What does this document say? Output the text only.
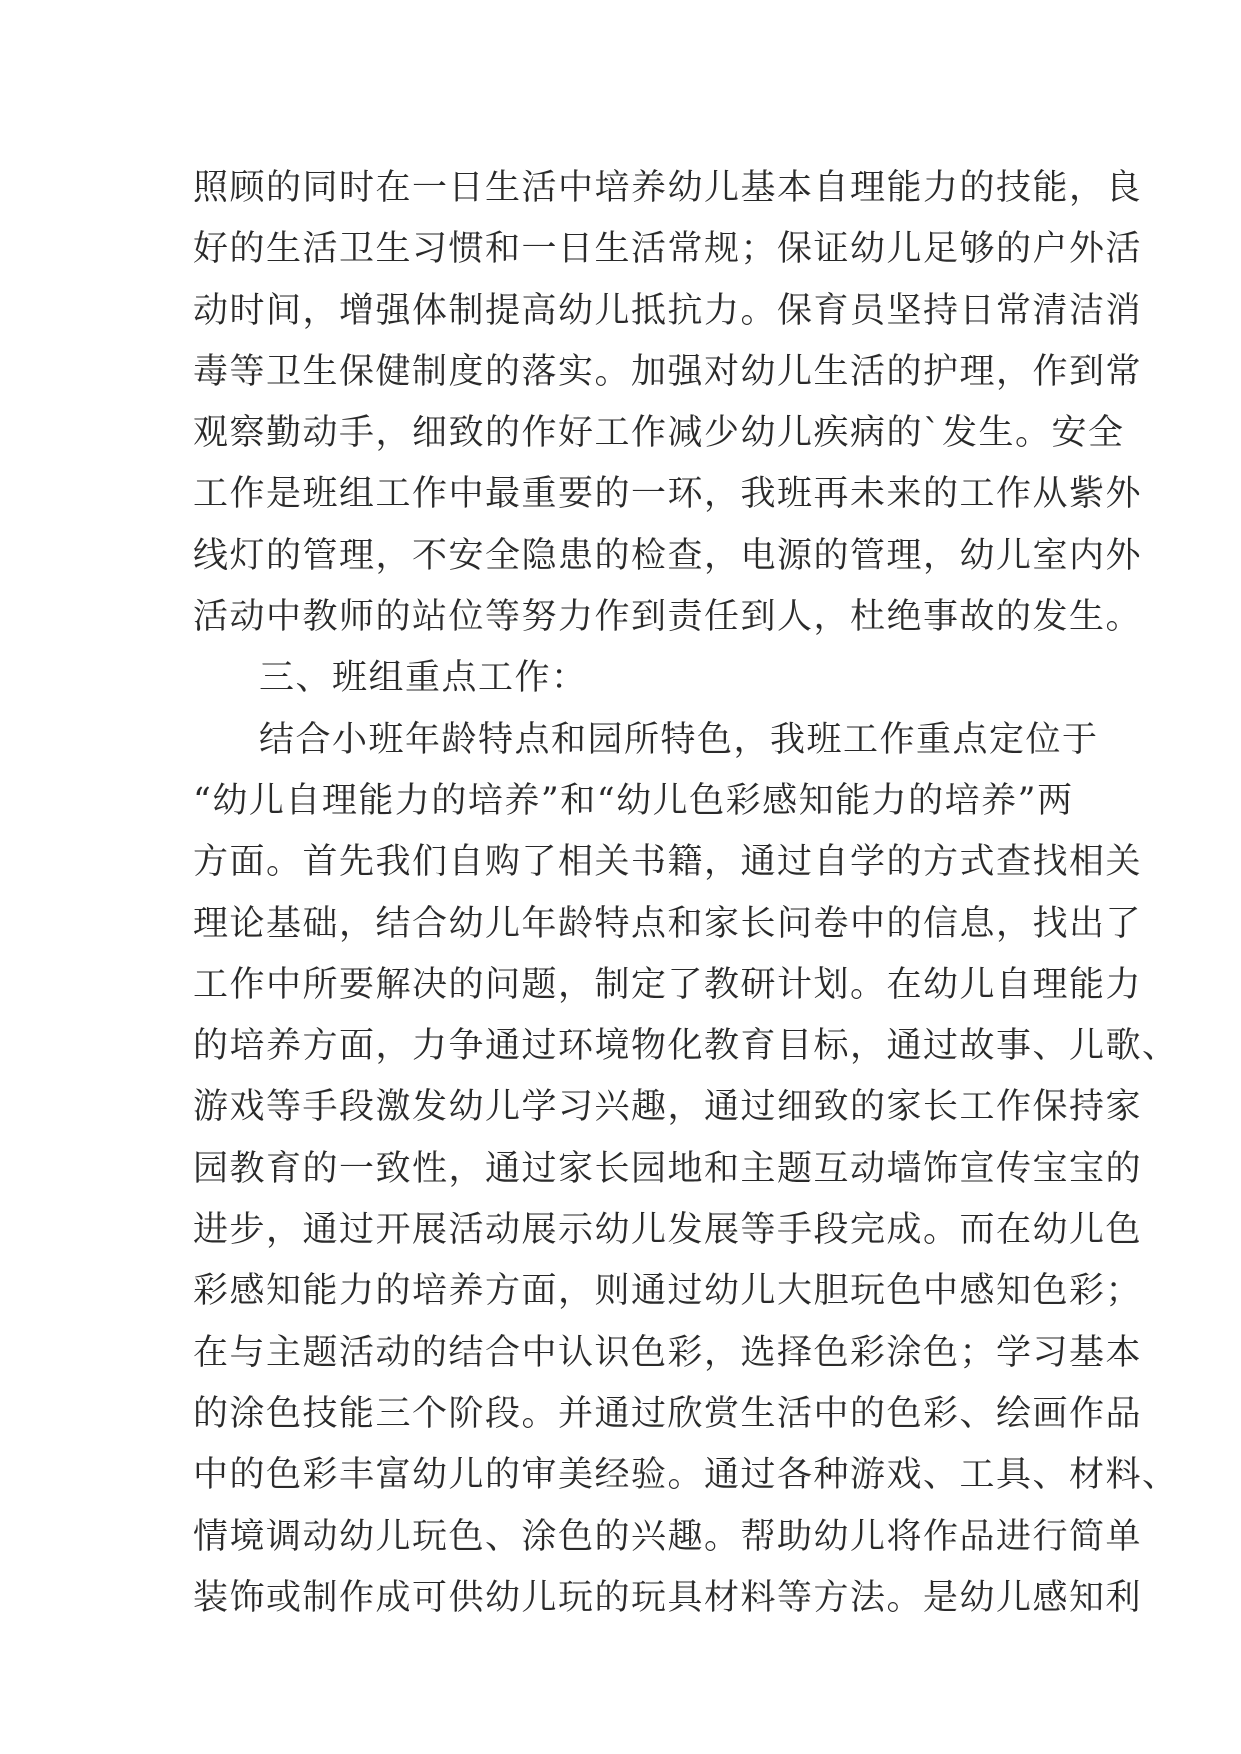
照顾的同时在一日生活中培养幼儿基本自理能力的技能，良
好的生活卫生习惯和一日生活常规；保证幼儿足够的户外活
动时间，增强体制提高幼儿抵抗力。保育员坚持日常清洁消
毒等卫生保健制度的落实。加强对幼儿生活的护理，作到常
观察勤动手，细致的作好工作减少幼儿疾病的`发生。安全
工作是班组工作中最重要的一环，我班再未来的工作从紫外
线灯的管理，不安全隐患的检查，电源的管理，幼儿室内外
活动中教师的站位等努力作到责任到人，杜绝事故的发生。
三、班组重点工作：
结合小班年龄特点和园所特色，我班工作重点定位于
“幼儿自理能力的培养”和“幼儿色彩感知能力的培养”两
方面。首先我们自购了相关书籍，通过自学的方式查找相关
理论基础，结合幼儿年龄特点和家长问卷中的信息，找出了
工作中所要解决的问题，制定了教研计划。在幼儿自理能力
的培养方面，力争通过环境物化教育目标，通过故事、儿歌、
游戏等手段激发幼儿学习兴趣，通过细致的家长工作保持家
园教育的一致性，通过家长园地和主题互动墙饰宣传宝宝的
进步，通过开展活动展示幼儿发展等手段完成。而在幼儿色
彩感知能力的培养方面，则通过幼儿大胆玩色中感知色彩；
在与主题活动的结合中认识色彩，选择色彩涂色；学习基本
的涂色技能三个阶段。并通过欣赏生活中的色彩、绘画作品
中的色彩丰富幼儿的审美经验。通过各种游戏、工具、材料、
情境调动幼儿玩色、涂色的兴趣。帮助幼儿将作品进行简单
装饰或制作成可供幼儿玩的玩具材料等方法。是幼儿感知利
